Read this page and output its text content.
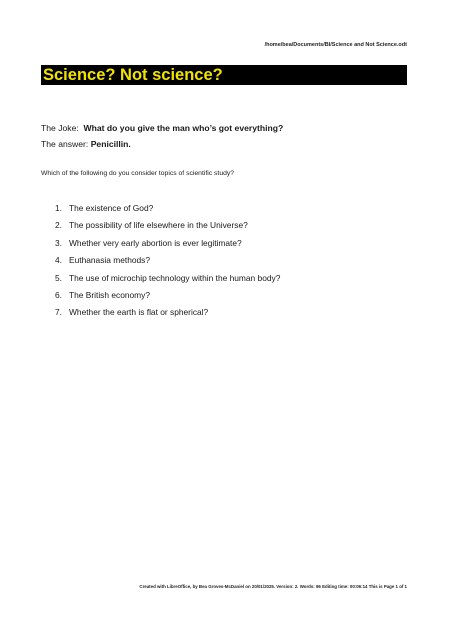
/home/bea/Documents/BI/Science and Not Science.odt
Science? Not science?
The Joke: What do you give the man who’s got everything?
The answer: Penicillin.
Which of the following do you consider topics of scientific study?
1. The existence of God?
2. The possibility of life elsewhere in the Universe?
3. Whether very early abortion is ever legitimate?
4. Euthanasia methods?
5. The use of microchip technology within the human body?
6. The British economy?
7. Whether the earth is flat or spherical?
Created with LibreOffice, by Bea Groves-McDaniel on 20/01/2025. Version: 2. Words: 96 Editing time: 00:06:14 This is Page 1 of 1
